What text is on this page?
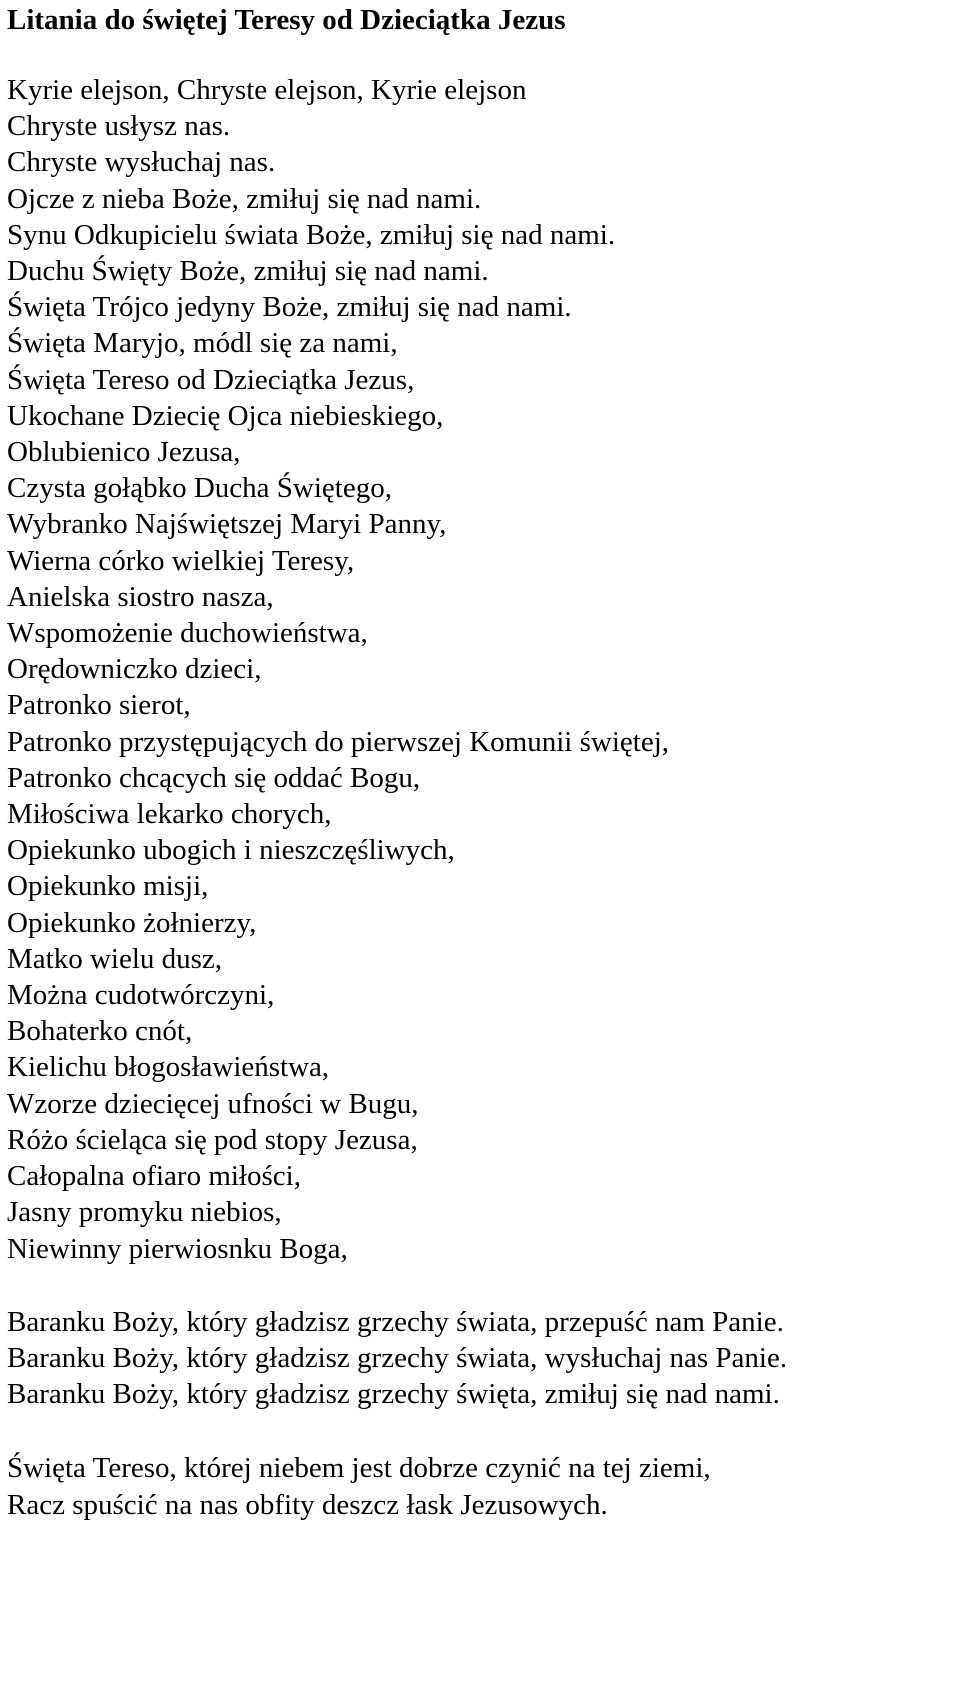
Litania do świętej Teresy od Dzieciątka Jezus
Kyrie elejson, Chryste elejson, Kyrie elejson
Chryste usłysz nas.
Chryste wysłuchaj nas.
Ojcze z nieba Boże, zmiłuj się nad nami.
Synu Odkupicielu świata Boże, zmiłuj się nad nami.
Duchu Święty Boże, zmiłuj się nad nami.
Święta Trójco jedyny Boże, zmiłuj się nad nami.
Święta Maryjo, módl się za nami,
Święta Tereso od Dzieciątka Jezus,
Ukochane Dziecię Ojca niebieskiego,
Oblubienico Jezusa,
Czysta gołąbko Ducha Świętego,
Wybranko Najświętszej Maryi Panny,
Wierna córko wielkiej Teresy,
Anielska siostro nasza,
Wspomożenie duchowieństwa,
Orędowniczko dzieci,
Patronko sierot,
Patronko przystępujących do pierwszej Komunii świętej,
Patronko chcących się oddać Bogu,
Miłościwa lekarko chorych,
Opiekunko ubogich i nieszczęśliwych,
Opiekunko misji,
Opiekunko żołnierzy,
Matko wielu dusz,
Można cudotwórczyni,
Bohaterko cnót,
Kielichu błogosławieństwa,
Wzorze dziecięcej ufności w Bugu,
Różo ścieląca się pod stopy Jezusa,
Całopalna ofiaro miłości,
Jasny promyku niebios,
Niewinny pierwiosnku Boga,
Baranku Boży, który gładzisz grzechy świata, przepuść nam Panie.
Baranku Boży, który gładzisz grzechy świata, wysłuchaj nas Panie.
Baranku Boży, który gładzisz grzechy święta, zmiłuj się nad nami.
Święta Tereso, której niebem jest dobrze czynić na tej ziemi,
Racz spuścić na nas obfity deszcz łask Jezusowych.
